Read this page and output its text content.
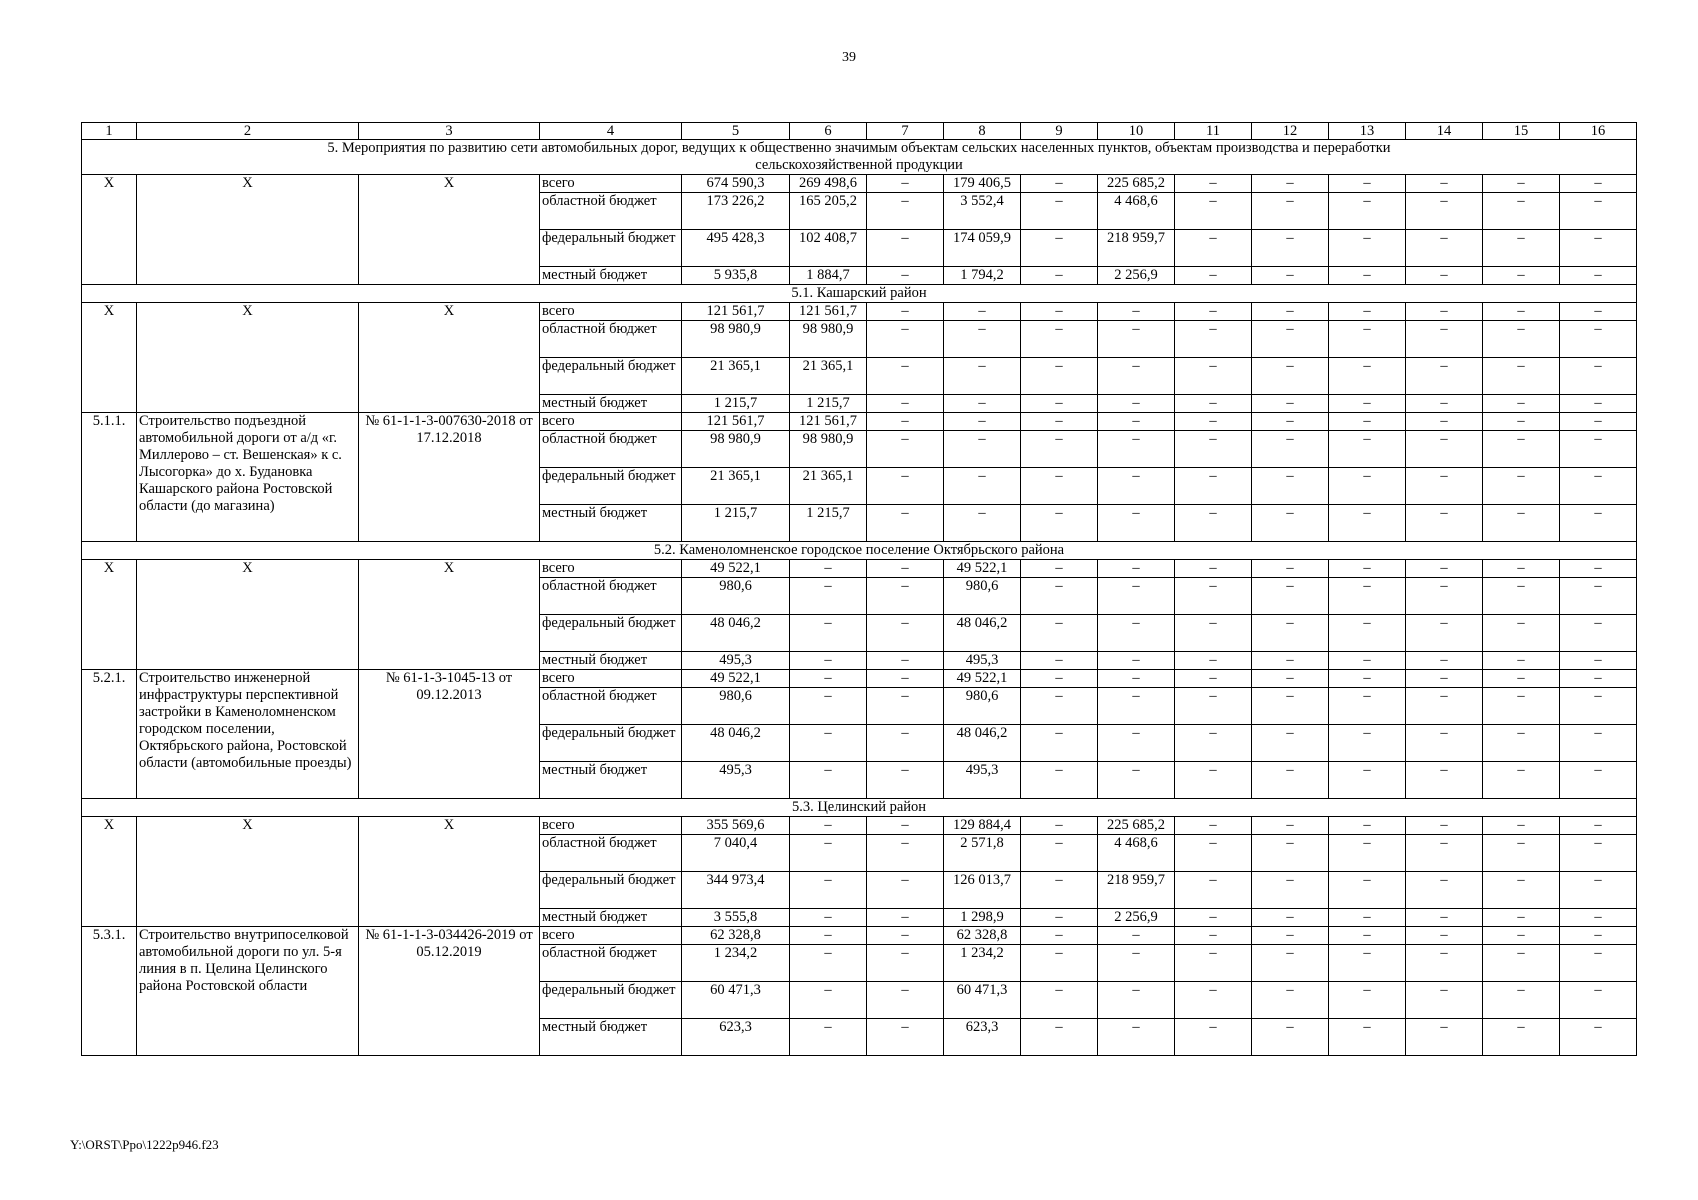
39
1	2	3	4	5	6	7	8	9	10	11	12	13	14	15	16
5. Мероприятия по развитию сети автомобильных дорог, ведущих к общественно значимым объектам сельских населенных пунктов, объектам производства и переработки сельскохозяйственной продукции															
X	X	X	всего	674 590,3	269 498,6	–	179 406,5	–	225 685,2	–	–	–	–	–	–
			областной бюджет	173 226,2	165 205,2	–	3 552,4	–	4 468,6	–	–	–	–	–	–
			федеральный бюджет	495 428,3	102 408,7	–	174 059,9	–	218 959,7	–	–	–	–	–	–
			местный бюджет	5 935,8	1 884,7	–	1 794,2	–	2 256,9	–	–	–	–	–	–
5.1. Кашарский район															
X	X	X	всего	121 561,7	121 561,7	–	–	–	–	–	–	–	–	–	–
			областной бюджет	98 980,9	98 980,9	–	–	–	–	–	–	–	–	–	–
			федеральный бюджет	21 365,1	21 365,1	–	–	–	–	–	–	–	–	–	–
			местный бюджет	1 215,7	1 215,7	–	–	–	–	–	–	–	–	–	–
5.1.1.	Строительство подъездной автомобильной дороги от а/д «г. Миллерово – ст. Вешенская» к с. Лысогорка» до х. Будановка Кашарского района Ростовской области (до магазина)	№ 61-1-1-3-007630-2018 от 17.12.2018	всего	121 561,7	121 561,7	–	–	–	–	–	–	–	–	–	–
			областной бюджет	98 980,9	98 980,9	–	–	–	–	–	–	–	–	–	–
			федеральный бюджет	21 365,1	21 365,1	–	–	–	–	–	–	–	–	–	–
			местный бюджет	1 215,7	1 215,7	–	–	–	–	–	–	–	–	–	–
5.2. Каменоломненское городское поселение Октябрьского района															
X	X	X	всего	49 522,1	–	–	49 522,1	–	–	–	–	–	–	–	–
			областной бюджет	980,6	–	–	980,6	–	–	–	–	–	–	–	–
			федеральный бюджет	48 046,2	–	–	48 046,2	–	–	–	–	–	–	–	–
			местный бюджет	495,3	–	–	495,3	–	–	–	–	–	–	–	–
5.2.1.	Строительство инженерной инфраструктуры перспективной застройки в Каменоломненском городском поселении, Октябрьского района, Ростовской области (автомобильные проезды)	№ 61-1-3-1045-13 от 09.12.2013	всего	49 522,1	–	–	49 522,1	–	–	–	–	–	–	–	–
			областной бюджет	980,6	–	–	980,6	–	–	–	–	–	–	–	–
			федеральный бюджет	48 046,2	–	–	48 046,2	–	–	–	–	–	–	–	–
			местный бюджет	495,3	–	–	495,3	–	–	–	–	–	–	–	–
5.3. Целинский район															
X	X	X	всего	355 569,6	–	–	129 884,4	–	225 685,2	–	–	–	–	–	–
			областной бюджет	7 040,4	–	–	2 571,8	–	4 468,6	–	–	–	–	–	–
			федеральный бюджет	344 973,4	–	–	126 013,7	–	218 959,7	–	–	–	–	–	–
			местный бюджет	3 555,8	–	–	1 298,9	–	2 256,9	–	–	–	–	–	–
5.3.1.	Строительство внутрипоселковой автомобильной дороги по ул. 5-я линия в п. Целина Целинского района Ростовской области	№ 61-1-1-3-034426-2019 от 05.12.2019	всего	62 328,8	–	–	62 328,8	–	–	–	–	–	–	–	–
			областной бюджет	1 234,2	–	–	1 234,2	–	–	–	–	–	–	–	–
			федеральный бюджет	60 471,3	–	–	60 471,3	–	–	–	–	–	–	–	–
			местный бюджет	623,3	–	–	623,3	–	–	–	–	–	–	–	–
Y:\ORST\Ppo\1222p946.f23
